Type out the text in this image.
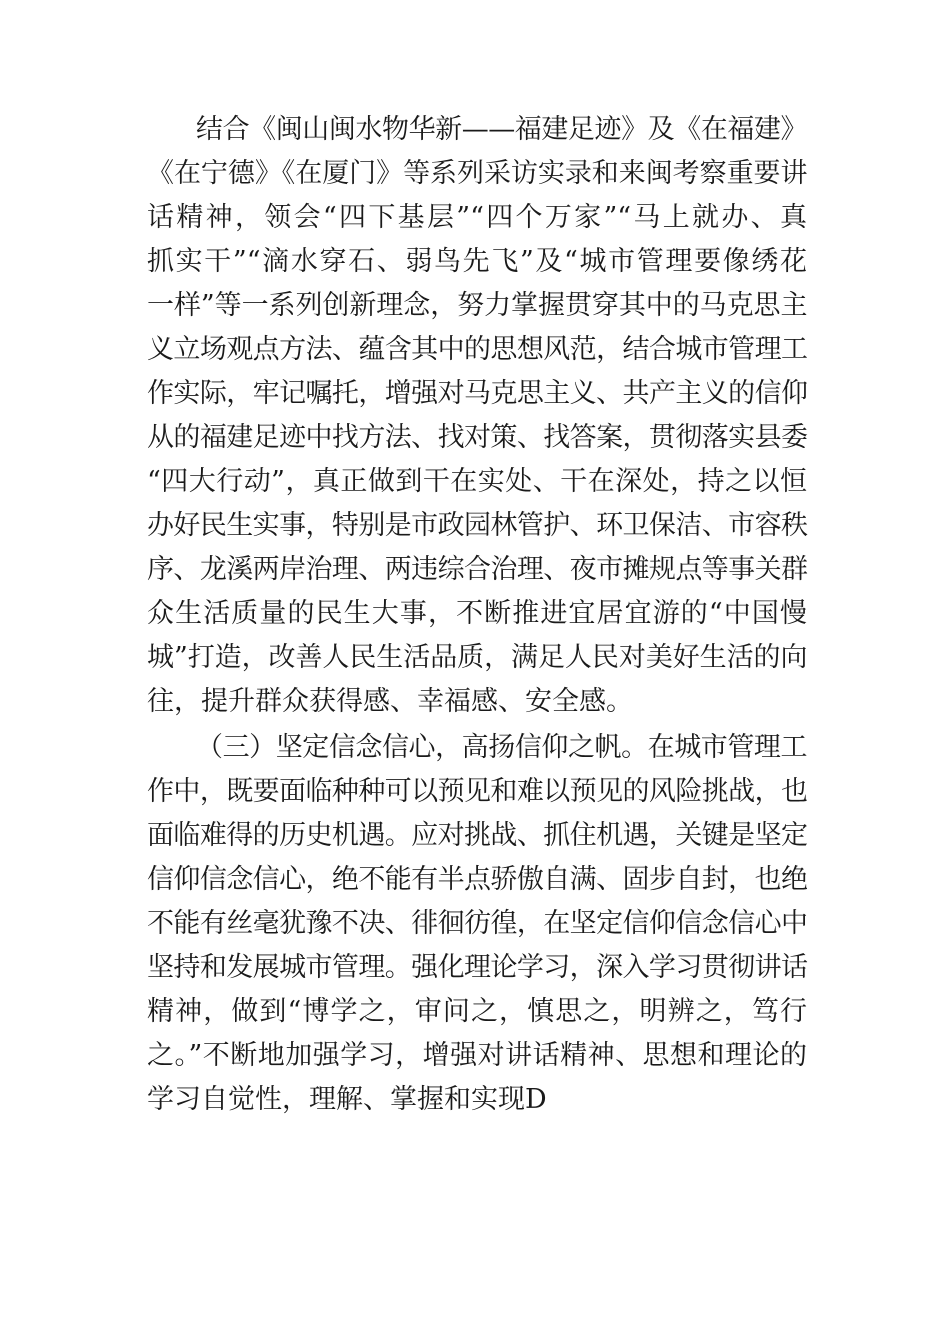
结合《闽山闽水物华新——福建足迹》及《在福建》
《在宁德》《在厦门》等系列采访实录和来闽考察重要讲
话精神，领会“四下基层”“四个万家”“马上就办、真
抓实干”“滴水穿石、弱鸟先飞”及“城市管理要像绣花
一样”等一系列创新理念，努力掌握贯穿其中的马克思主
义立场观点方法、蕴含其中的思想风范，结合城市管理工
作实际，牢记嘱托，增强对马克思主义、共产主义的信仰
从的福建足迹中找方法、找对策、找答案，贯彻落实县委
“四大行动”，真正做到干在实处、干在深处，持之以恒
办好民生实事，特别是市政园林管护、环卫保洁、市容秩
序、龙溪两岸治理、两违综合治理、夜市摊规点等事关群
众生活质量的民生大事，不断推进宜居宜游的“中国慢
城”打造，改善人民生活品质，满足人民对美好生活的向
往，提升群众获得感、幸福感、安全感。
（三）坚定信念信心，高扬信仰之帆。在城市管理工
作中，既要面临种种可以预见和难以预见的风险挑战，也
面临难得的历史机遇。应对挑战、抓住机遇，关键是坚定
信仰信念信心，绝不能有半点骄傲自满、固步自封，也绝
不能有丝毫犹豫不决、徘徊彷徨，在坚定信仰信念信心中
坚持和发展城市管理。强化理论学习，深入学习贯彻讲话
精神，做到“博学之，审问之，慎思之，明辨之，笃行
之。”不断地加强学习，增强对讲话精神、思想和理论的
学习自觉性，理解、掌握和实现D
